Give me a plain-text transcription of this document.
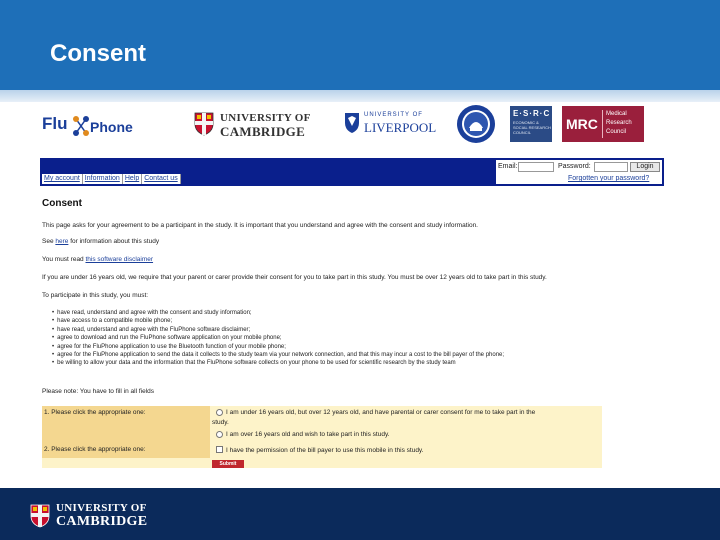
Consent
Flu Phone
UNIVERSITY OF
CAMBRIDGE
UNIVERSITY OF
LIVERPOOL
E·S·R·C
ECONOMIC & SOCIAL RESEARCH COUNCIL
MRC
Medical
Research
Council
My account Information Help Contact us
Email:	Password:	Login
Forgotten your password?
Consent
This page asks for your agreement to be a participant in the study. It is important that you understand and agree with the consent and study information.
See here for information about this study
You must read this software disclaimer
If you are under 16 years old, we require that your parent or carer provide their consent for you to take part in this study. You must be over 12 years old to take part in this study.
To participate in this study, you must:
• have read, understand and agree with the consent and study information;
• have access to a compatible mobile phone;
• have read, understand and agree with the FluPhone software disclaimer;
• agree to download and run the FluPhone software application on your mobile phone;
• agree for the FluPhone application to use the Bluetooth function of your mobile phone;
• agree for the FluPhone application to send the data it collects to the study team via your network connection, and that this may incur a cost to the bill payer of the phone;
• be willing to allow your data and the information that the FluPhone software collects on your phone to be used for scientific research by the study team
Please note: You have to fill in all fields
1. Please click the appropriate one:	I am under 16 years old, but over 12 years old, and have parental or carer consent for me to take part in the
study.
I am over 16 years old and wish to take part in this study.
2. Please click the appropriate one:	I have the permission of the bill payer to use this mobile in this study.
Submit
UNIVERSITY OF
CAMBRIDGE
